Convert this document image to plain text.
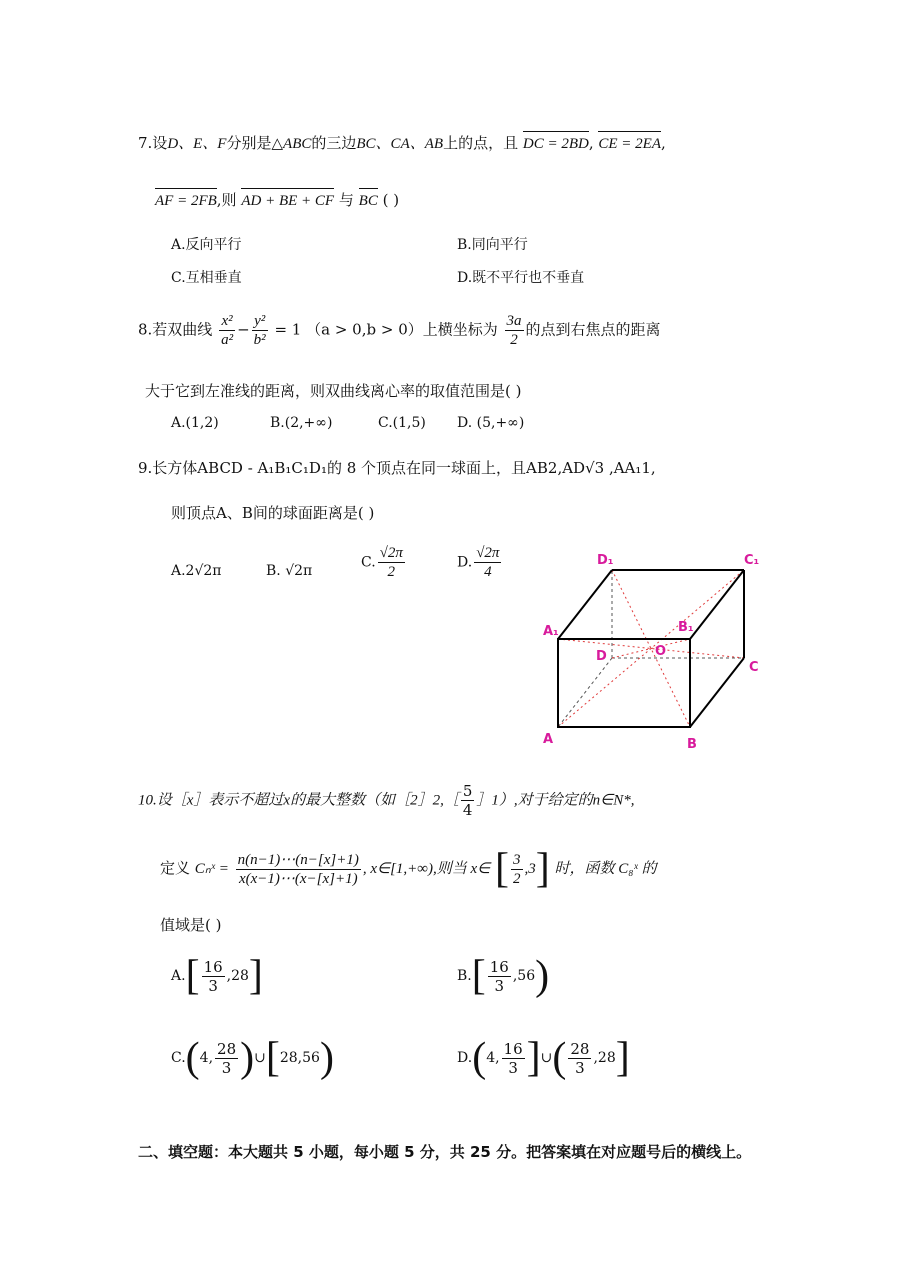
7.设D、E、F分别是△ABC的三边BC、CA、AB上的点，且 DC = 2BD, CE = 2EA,
AF = 2FB,则 AD + BE + CF 与 BC ( )
A.反向平行	B.同向平行
C.互相垂直	D.既不平行也不垂直
8.若双曲线 $\frac{\text{x²}}{\text{a²}} - \frac{\text{y²}}{\text{b²}} = 1$ （a > 0,b > 0）上横坐标为 $\frac{3a}{2}$ 的点到右焦点的距离
大于它到左准线的距离，则双曲线离心率的取值范围是( )
A.(1,2)	B.(2,+∞)	C.(1,5) D. (5,+∞)
9.长方体ABCD - A₁B₁C₁D₁的 8 个顶点在同一球面上，且AB2,AD√3 ,AA₁1,
则顶点A、B间的球面距离是( )
A.2√2π	B. √2π
C. $\frac{√2\pi}{2}$	D. $\frac{√2\pi}{4}$	D₁	C₁
A₁	B₁
D	O
C
A	B
10.设［x］表示不超过x的最大整数（如［2］2,［ $\frac{5}{4}$ ］1）,对于给定的n∈N*,
定义 Cₙˣ = $\frac{n(n-1)\cdots(n-[x]+1)}{x(x-1)\cdots(x-[x]+1)}$ , x∈[1,+∞),则当 x∈ [ $\frac{3}{2} ,3$] 时，函数 C₈ˣ 的
值域是( )
$A.[ \frac{16}{3} ,28]$	$B.[ \frac{16}{3} ,56)$
C.(4, $\frac{28}{3}$ )∪[28,56)	D.(4, $\frac{16}{3}$ ]∪( $\frac{28}{3} ,28$]
二、填空题：本大题共 5 小题，每小题 5 分，共 25 分。把答案填在对应题号后的横线上。
